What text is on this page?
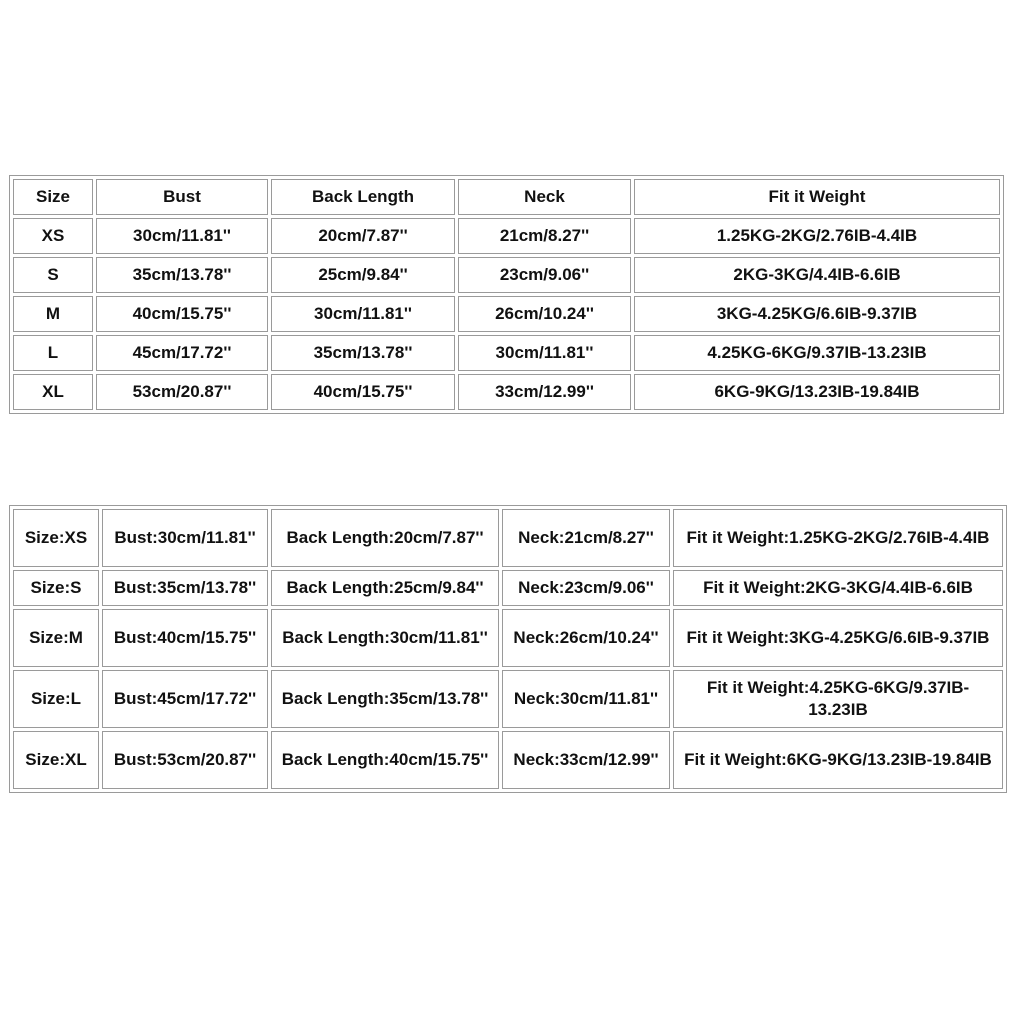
Size	Bust	Back Length	Neck	Fit it Weight
XS	30cm/11.81''	20cm/7.87''	21cm/8.27''	1.25KG-2KG/2.76IB-4.4IB
S	35cm/13.78''	25cm/9.84''	23cm/9.06''	2KG-3KG/4.4IB-6.6IB
M	40cm/15.75''	30cm/11.81''	26cm/10.24''	3KG-4.25KG/6.6IB-9.37IB
L	45cm/17.72''	35cm/13.78''	30cm/11.81''	4.25KG-6KG/9.37IB-13.23IB
XL	53cm/20.87''	40cm/15.75''	33cm/12.99''	6KG-9KG/13.23IB-19.84IB
Size:XS	Bust:30cm/11.81''	Back Length:20cm/7.87''	Neck:21cm/8.27''	Fit it Weight:1.25KG-2KG/2.76IB-4.4IB
Size:S	Bust:35cm/13.78''	Back Length:25cm/9.84''	Neck:23cm/9.06''	Fit it Weight:2KG-3KG/4.4IB-6.6IB
Size:M	Bust:40cm/15.75''	Back Length:30cm/11.81''	Neck:26cm/10.24''	Fit it Weight:3KG-4.25KG/6.6IB-9.37IB
Size:L	Bust:45cm/17.72''	Back Length:35cm/13.78''	Neck:30cm/11.81''	Fit it Weight:4.25KG-6KG/9.37IB-13.23IB
Size:XL	Bust:53cm/20.87''	Back Length:40cm/15.75''	Neck:33cm/12.99''	Fit it Weight:6KG-9KG/13.23IB-19.84IB
